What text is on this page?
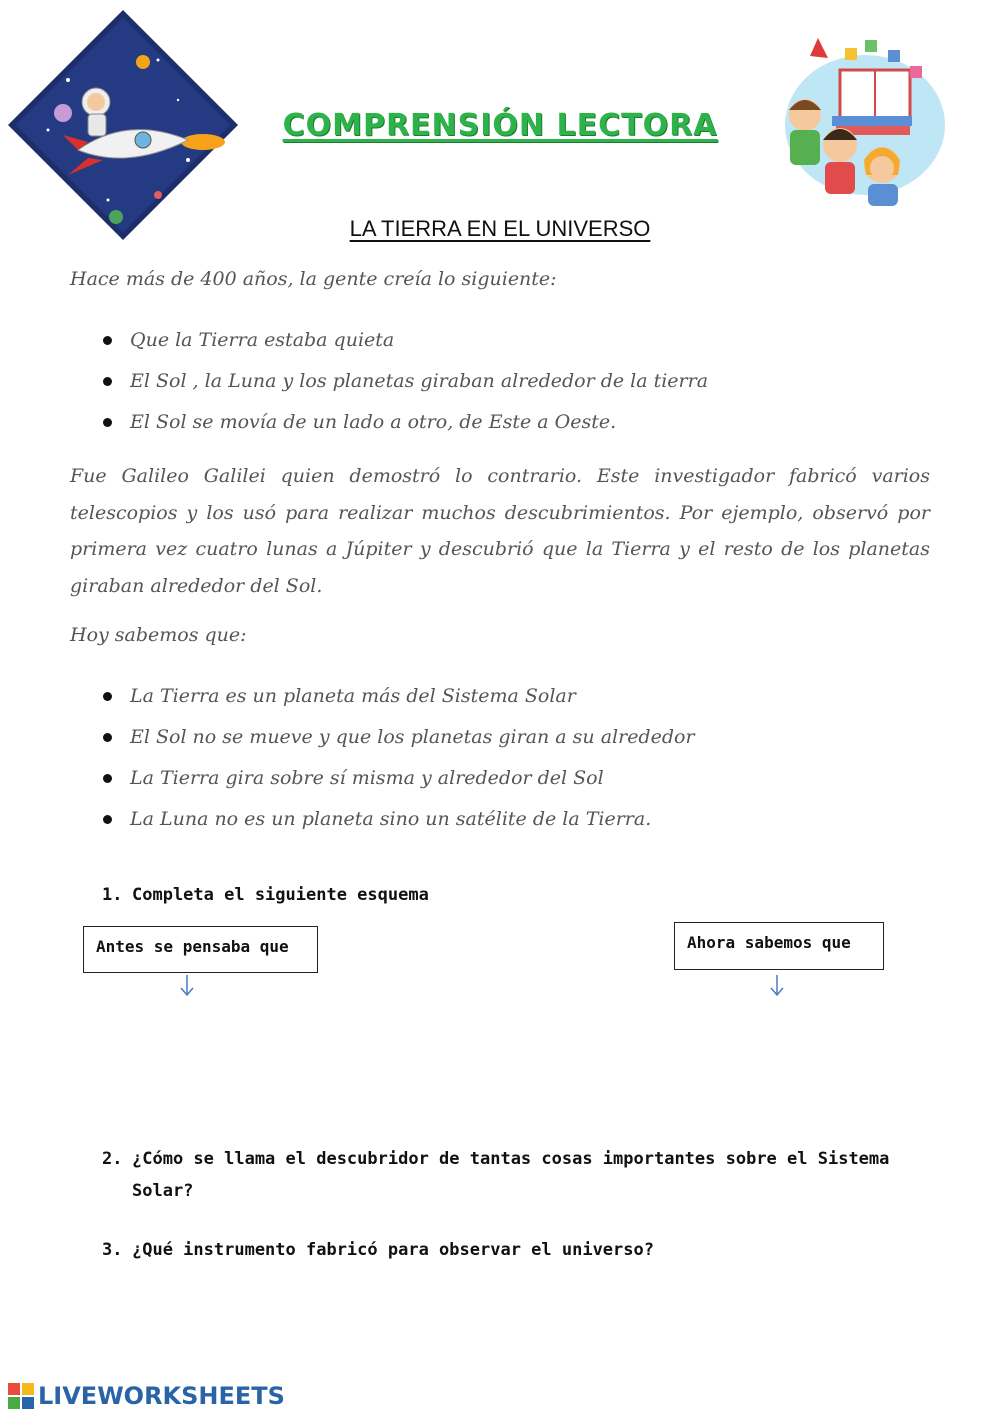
COMPRENSIÓN LECTORA
LA TIERRA EN EL UNIVERSO
Hace más de 400 años, la gente creía lo siguiente:
Que la Tierra estaba quieta
El Sol , la Luna y los planetas giraban alrededor de la tierra
El Sol se movía de un lado a otro, de Este a Oeste.

Fue Galileo Galilei quien demostró lo contrario. Este investigador fabricó varios telescopios y los usó para realizar muchos descubrimientos. Por ejemplo, observó por primera vez cuatro lunas a Júpiter y descubrió que la Tierra y el resto de los planetas giraban alrededor del Sol.

Hoy sabemos que:
La Tierra es un planeta más del Sistema Solar
El Sol no se mueve y que los planetas giran a su alrededor
La Tierra gira sobre sí misma y alrededor del Sol
La Luna no es un planeta sino un satélite de la Tierra.
1. Completa el siguiente esquema
Antes se pensaba que	Ahora sabemos que
2. ¿Cómo se llama el descubridor de tantas cosas importantes sobre el Sistema
Solar?
3. ¿Qué instrumento fabricó para observar el universo?
LIVEWORKSHEETS
